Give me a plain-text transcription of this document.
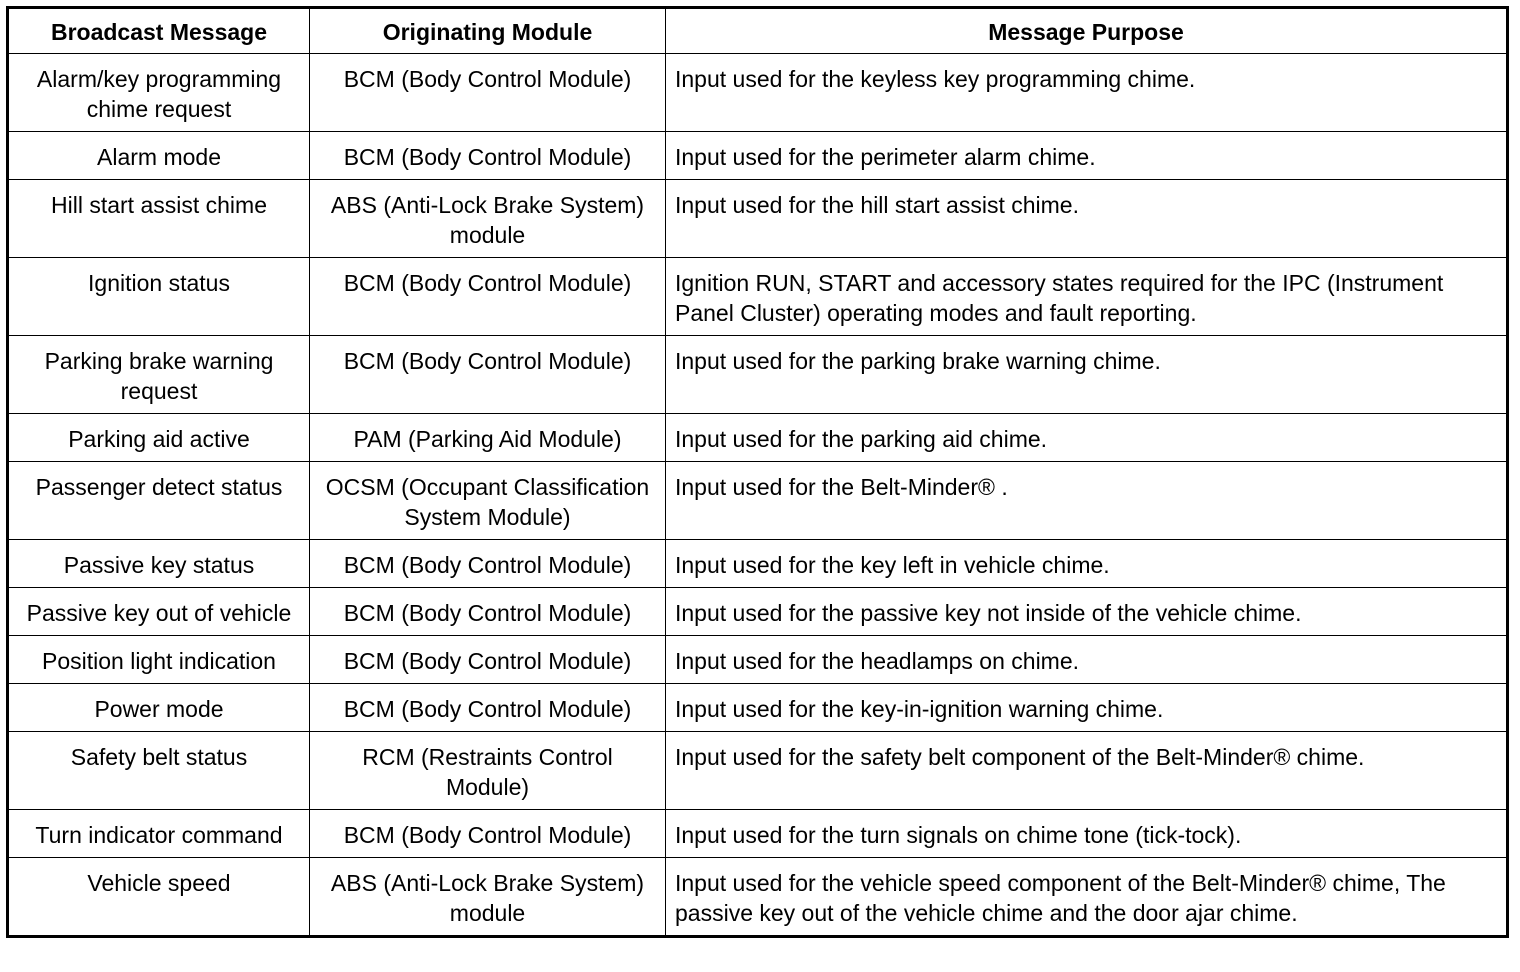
Broadcast Message	Originating Module	Message Purpose
Alarm/key programming chime request	BCM (Body Control Module)	Input used for the keyless key programming chime.
Alarm mode	BCM (Body Control Module)	Input used for the perimeter alarm chime.
Hill start assist chime	ABS (Anti-Lock Brake System) module	Input used for the hill start assist chime.
Ignition status	BCM (Body Control Module)	Ignition RUN, START and accessory states required for the IPC (Instrument Panel Cluster) operating modes and fault reporting.
Parking brake warning request	BCM (Body Control Module)	Input used for the parking brake warning chime.
Parking aid active	PAM (Parking Aid Module)	Input used for the parking aid chime.
Passenger detect status	OCSM (Occupant Classification System Module)	Input used for the Belt-Minder® .
Passive key status	BCM (Body Control Module)	Input used for the key left in vehicle chime.
Passive key out of vehicle	BCM (Body Control Module)	Input used for the passive key not inside of the vehicle chime.
Position light indication	BCM (Body Control Module)	Input used for the headlamps on chime.
Power mode	BCM (Body Control Module)	Input used for the key-in-ignition warning chime.
Safety belt status	RCM (Restraints Control Module)	Input used for the safety belt component of the Belt-Minder® chime.
Turn indicator command	BCM (Body Control Module)	Input used for the turn signals on chime tone (tick-tock).
Vehicle speed	ABS (Anti-Lock Brake System) module	Input used for the vehicle speed component of the Belt-Minder® chime, The passive key out of the vehicle chime and the door ajar chime.
